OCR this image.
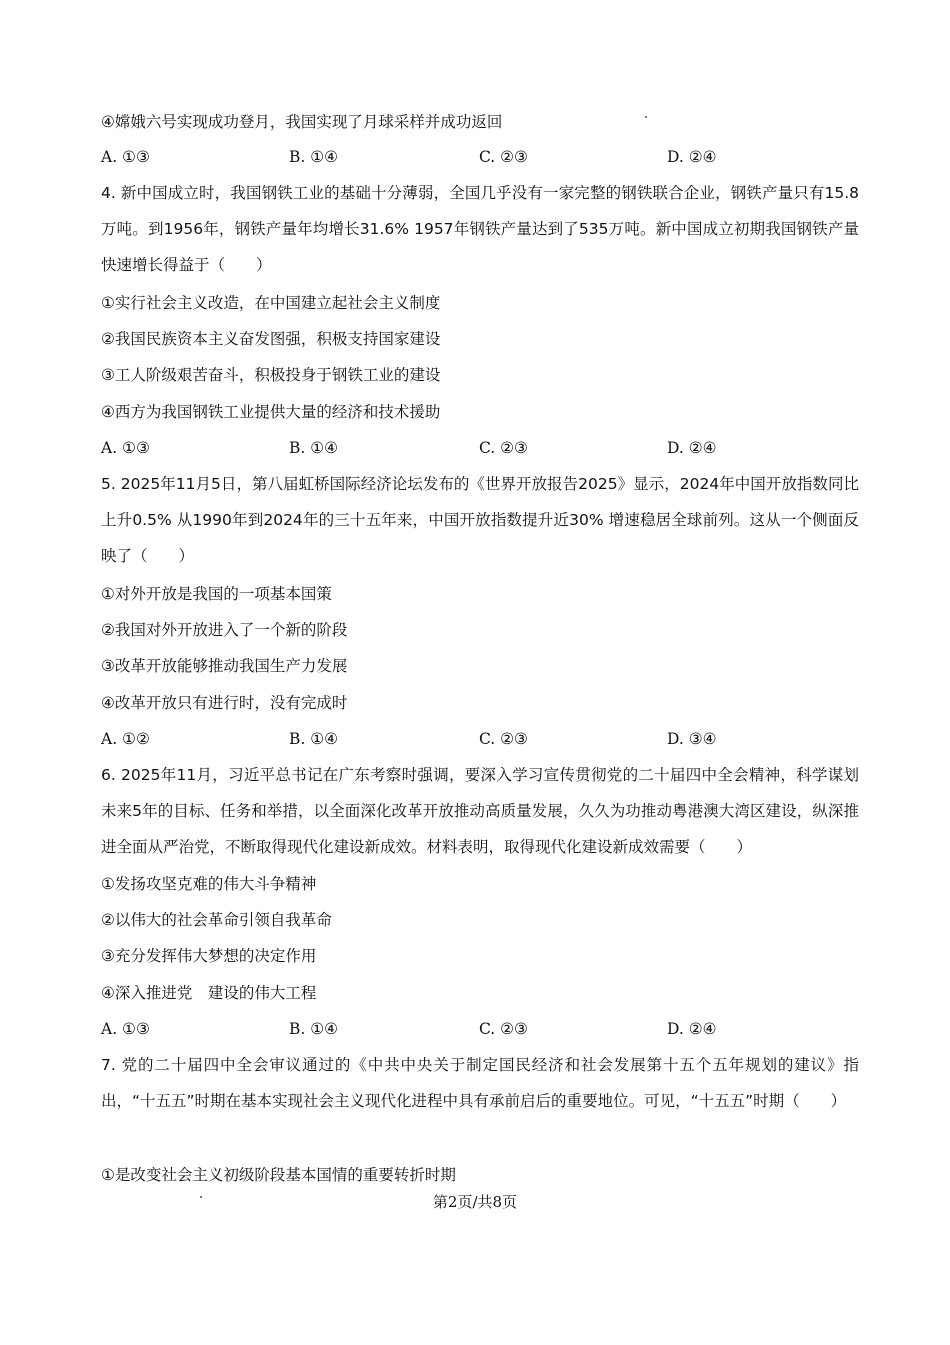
④嫦娥六号实现成功登月，我国实现了月球采样并成功返回
A. ①③	B. ①④	C. ②③	D. ②④
4. 新中国成立时，我国钢铁工业的基础十分薄弱，全国几乎没有一家完整的钢铁联合企业，钢铁产量只有15.8万吨。到1956年，钢铁产量年均增长31.6% 1957年钢铁产量达到了535万吨。新中国成立初期我国钢铁产量快速增长得益于（　　）
①实行社会主义改造，在中国建立起社会主义制度
②我国民族资本主义奋发图强，积极支持国家建设
③工人阶级艰苦奋斗，积极投身于钢铁工业的建设
④西方为我国钢铁工业提供大量的经济和技术援助
A. ①③	B. ①④	C. ②③	D. ②④
5. 2025年11月5日，第八届虹桥国际经济论坛发布的《世界开放报告2025》显示，2024年中国开放指数同比上升0.5% 从1990年到2024年的三十五年来，中国开放指数提升近30% 增速稳居全球前列。这从一个侧面反映了（　　）
①对外开放是我国的一项基本国策
②我国对外开放进入了一个新的阶段
③改革开放能够推动我国生产力发展
④改革开放只有进行时，没有完成时
A. ①②	B. ①④	C. ②③	D. ③④
6. 2025年11月，习近平总书记在广东考察时强调，要深入学习宣传贯彻党的二十届四中全会精神，科学谋划未来5年的目标、任务和举措，以全面深化改革开放推动高质量发展，久久为功推动粤港澳大湾区建设，纵深推进全面从严治党，不断取得现代化建设新成效。材料表明，取得现代化建设新成效需要（　　）
①发扬攻坚克难的伟大斗争精神
②以伟大的社会革命引领自我革命
③充分发挥伟大梦想的决定作用
④深入推进党　建设的伟大工程
A. ①③	B. ①④	C. ②③	D. ②④
7. 党的二十届四中全会审议通过的《中共中央关于制定国民经济和社会发展第十五个五年规划的建议》指出，“十五五”时期在基本实现社会主义现代化进程中具有承前启后的重要地位。可见，“十五五”时期（　　）
①是改变社会主义初级阶段基本国情的重要转折时期
第2页/共8页
